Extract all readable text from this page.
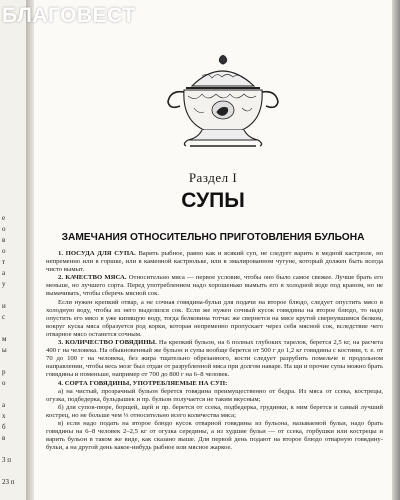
БЛАГОВЕСТ
е
о
в
о
т
а
у
и
с
м
ы
р
о
а
х
б
в
3 п
23 п
Раздел I
СУПЫ
ЗАМЕЧАНИЯ ОТНОСИТЕЛЬНО ПРИГОТОВЛЕНИЯ БУЛЬОНА

1. ПОСУДА ДЛЯ СУПА. Варить рыбное, равно как и всякий суп, не следует варить в медной кастрюле, но непременно или в горшке, или в каменной кастрюльке, или в эмалированном чугуне, который должен быть всегда чисто вымыт.

2. КАЧЕСТВО МЯСА. Относительно мяса — первое условие, чтобы оно было самое свежее. Лучше брать его меньше, но лучшего сорта. Перед употреблением надо хорошенько вымыть его в холодной воде под краном, но не вымачивать, чтобы сберечь мясной сок.

Если нужен крепкий отвар, а не сочная говядина-бульи для подачи на второе блюдо, следует опустить мясо в холодную воду, чтобы из него выделился сок. Если же нужен сочный кусок говядины на второе блюдо, то надо опустить его мясо в уже кипящую воду, тогда белковина тотчас же свернется на мясе крутой свернувшимся белком, вокруг куска мяса образуется род корки, которая непременно пропускает через себя мясной сок, вследствие чего отварное мясо останется сочным.

3. КОЛИЧЕСТВО ГОВЯДИНЫ. На крепкий бульон, на 6 полных глубоких тарелок, берется 2,5 кг, на расчета 400 г на человека. На обыкновенный же бульон и супы вообще берется от 500 г до 1,2 кг говядины с костями, т. е. от 70 до 100 г на человека, без жира тщательно обрезанного, кости следует разрубить помельче в продольном направлении, чтобы весь мозг был отдан от разрубленной мяса при долгом наваре. На щи и прочие супы можно брать говядины и поменьше, например от 700 до 800 г на 6–8 человек.

4. СОРТА ГОВЯДИНЫ, УПОТРЕБЛЯЕМЫЕ НА СУП:

а) на чистый, прозрачный бульон берется говядина преимущественно от бедра. Из мяса от ссека, кострецы, огузка, подбедерка, бульдышек и пр. бульон получается не таким вкусным;

б) для супов-пюре, борщей, щей и пр. берется от ссека, подбедерка, грудинки, к ним берется и самый лучший кострец, но не больше чем ⅓ относительно всего количества мяса;

в) если надо подать на второе блюдо кусок отварной говядины из бульона, называемой бульи, надо брать говядины на 6–8 человек 2–2,5 кг от огузка середины, а из худшие бульи — от ссека, горбушки или кострецы и варить бульон в таком же виде, как сказано выше. Для первой день подают на второе блюдо отварную говядину-бульи, а на другой день какое-нибудь рыбное или мясное жаркое.
